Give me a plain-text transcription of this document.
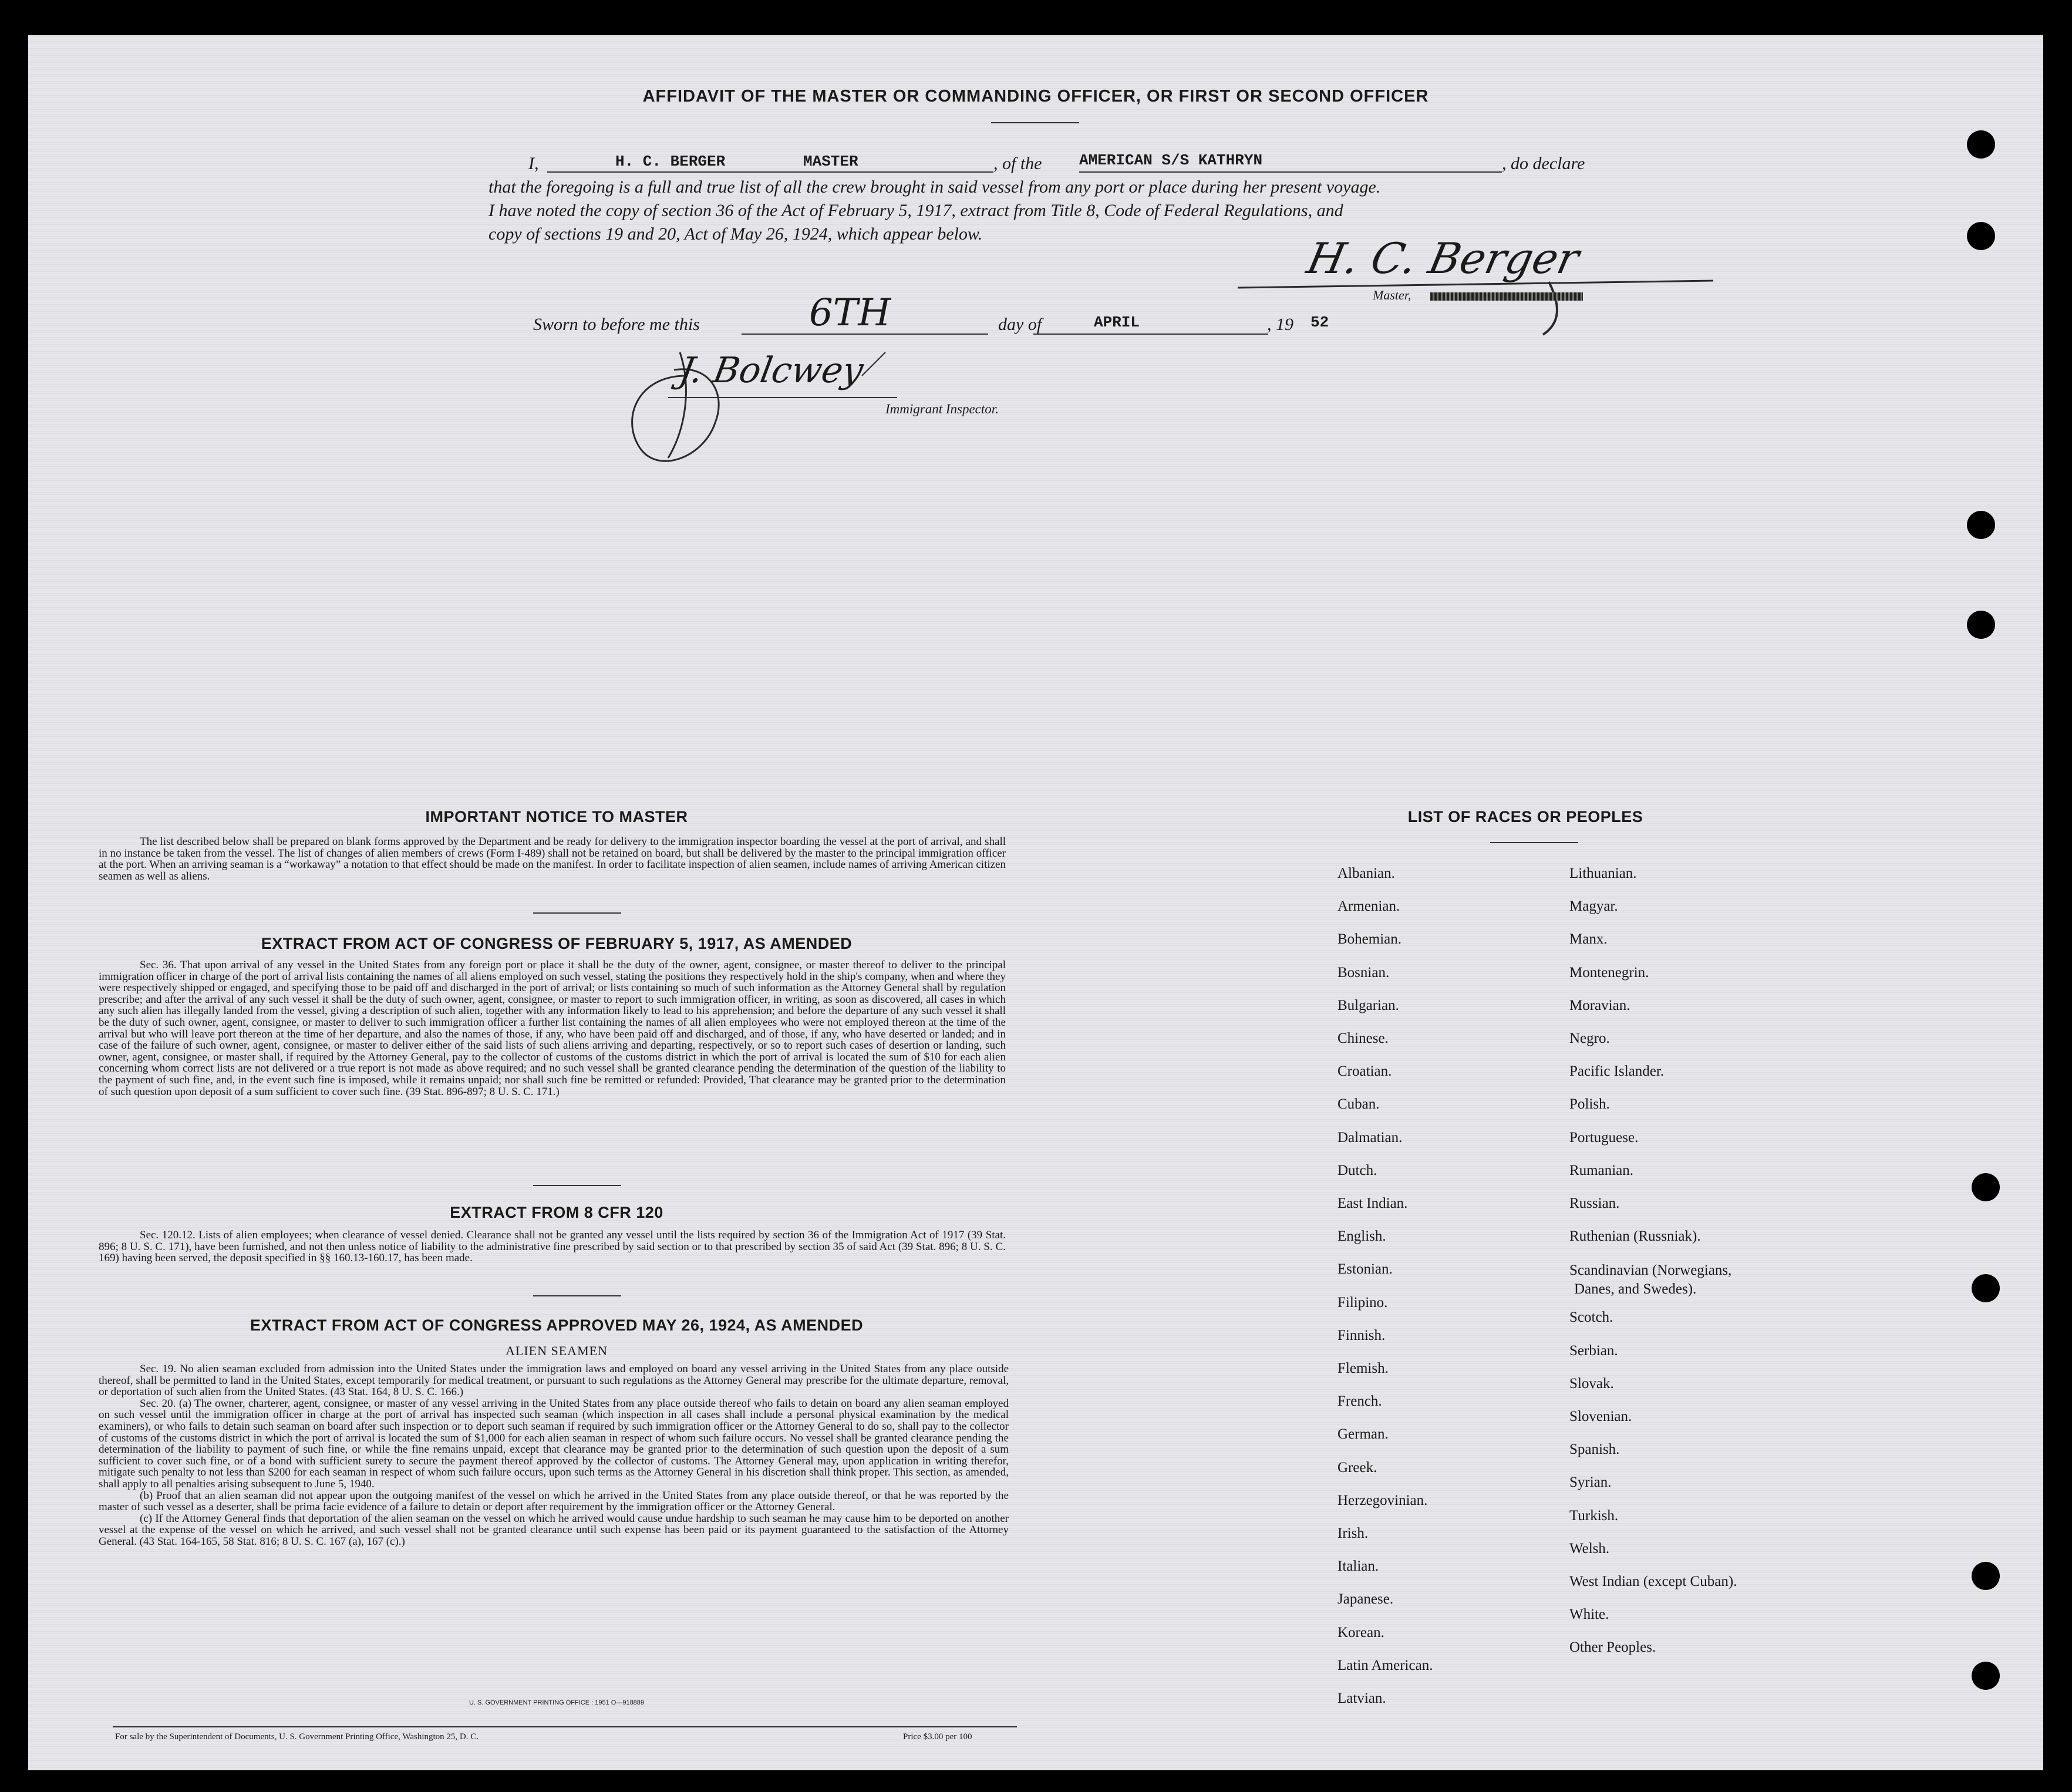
AFFIDAVIT OF THE MASTER OR COMMANDING OFFICER, OR FIRST OR SECOND OFFICER
I,	H. C. BERGER	MASTER	, of the AMERICAN S/S KATHRYN	, do declare
that the foregoing is a full and true list of all the crew brought in said vessel from any port or place during her present voyage.
I have noted the copy of section 36 of the Act of February 5, 1917, extract from Title 8, Code of Federal Regulations, and
copy of sections 19 and 20, Act of May 26, 1924, which appear below.	H. C. Berger
Master,
Sworn to before me this	6TH	day of	APRIL	, 19 52
J. Bolcwey
Immigrant Inspector.
IMPORTANT NOTICE TO MASTER
The list described below shall be prepared on blank forms approved by the Department and be ready for delivery to the immigration inspector boarding the vessel at the port of arrival, and shall in no instance be taken from the vessel. The list of changes of alien members of crews (Form I-489) shall not be retained on board, but shall be delivered by the master to the principal immigration officer at the port. When an arriving seaman is a “workaway” a notation to that effect should be made on the manifest. In order to facilitate inspection of alien seamen, include names of arriving American citizen seamen as well as aliens.
EXTRACT FROM ACT OF CONGRESS OF FEBRUARY 5, 1917, AS AMENDED
Sec. 36. That upon arrival of any vessel in the United States from any foreign port or place it shall be the duty of the owner, agent, consignee, or master thereof to deliver to the principal immigration officer in charge of the port of arrival lists containing the names of all aliens employed on such vessel, stating the positions they respectively hold in the ship's company, when and where they were respectively shipped or engaged, and specifying those to be paid off and discharged in the port of arrival; or lists containing so much of such information as the Attorney General shall by regulation prescribe; and after the arrival of any such vessel it shall be the duty of such owner, agent, consignee, or master to report to such immigration officer, in writing, as soon as discovered, all cases in which any such alien has illegally landed from the vessel, giving a description of such alien, together with any information likely to lead to his apprehension; and before the departure of any such vessel it shall be the duty of such owner, agent, consignee, or master to deliver to such immigration officer a further list containing the names of all alien employees who were not employed thereon at the time of the arrival but who will leave port thereon at the time of her departure, and also the names of those, if any, who have been paid off and discharged, and of those, if any, who have deserted or landed; and in case of the failure of such owner, agent, consignee, or master to deliver either of the said lists of such aliens arriving and departing, respectively, or so to report such cases of desertion or landing, such owner, agent, consignee, or master shall, if required by the Attorney General, pay to the collector of customs of the customs district in which the port of arrival is located the sum of $10 for each alien concerning whom correct lists are not delivered or a true report is not made as above required; and no such vessel shall be granted clearance pending the determination of the question of the liability to the payment of such fine, and, in the event such fine is imposed, while it remains unpaid; nor shall such fine be remitted or refunded: Provided, That clearance may be granted prior to the determination of such question upon deposit of a sum sufficient to cover such fine. (39 Stat. 896-897; 8 U. S. C. 171.)
EXTRACT FROM 8 CFR 120
Sec. 120.12. Lists of alien employees; when clearance of vessel denied. Clearance shall not be granted any vessel until the lists required by section 36 of the Immigration Act of 1917 (39 Stat. 896; 8 U. S. C. 171), have been furnished, and not then unless notice of liability to the administrative fine prescribed by said section or to that prescribed by section 35 of said Act (39 Stat. 896; 8 U. S. C. 169) having been served, the deposit specified in §§ 160.13-160.17, has been made.
EXTRACT FROM ACT OF CONGRESS APPROVED MAY 26, 1924, AS AMENDED
ALIEN SEAMEN

Sec. 19. No alien seaman excluded from admission into the United States under the immigration laws and employed on board any vessel arriving in the United States from any place outside thereof, shall be permitted to land in the United States, except temporarily for medical treatment, or pursuant to such regulations as the Attorney General may prescribe for the ultimate departure, removal, or deportation of such alien from the United States. (43 Stat. 164, 8 U. S. C. 166.)

Sec. 20. (a) The owner, charterer, agent, consignee, or master of any vessel arriving in the United States from any place outside thereof who fails to detain on board any alien seaman employed on such vessel until the immigration officer in charge at the port of arrival has inspected such seaman (which inspection in all cases shall include a personal physical examination by the medical examiners), or who fails to detain such seaman on board after such inspection or to deport such seaman if required by such immigration officer or the Attorney General to do so, shall pay to the collector of customs of the customs district in which the port of arrival is located the sum of $1,000 for each alien seaman in respect of whom such failure occurs. No vessel shall be granted clearance pending the determination of the liability to payment of such fine, or while the fine remains unpaid, except that clearance may be granted prior to the determination of such question upon the deposit of a sum sufficient to cover such fine, or of a bond with sufficient surety to secure the payment thereof approved by the collector of customs. The Attorney General may, upon application in writing therefor, mitigate such penalty to not less than $200 for each seaman in respect of whom such failure occurs, upon such terms as the Attorney General in his discretion shall think proper. This section, as amended, shall apply to all penalties arising subsequent to June 5, 1940.

(b) Proof that an alien seaman did not appear upon the outgoing manifest of the vessel on which he arrived in the United States from any place outside thereof, or that he was reported by the master of such vessel as a deserter, shall be prima facie evidence of a failure to detain or deport after requirement by the immigration officer or the Attorney General.

(c) If the Attorney General finds that deportation of the alien seaman on the vessel on which he arrived would cause undue hardship to such seaman he may cause him to be deported on another vessel at the expense of the vessel on which he arrived, and such vessel shall not be granted clearance until such expense has been paid or its payment guaranteed to the satisfaction of the Attorney General. (43 Stat. 164-165, 58 Stat. 816; 8 U. S. C. 167 (a), 167 (c).)

U. S. GOVERNMENT PRINTING OFFICE : 1951 O—918889
For sale by the Superintendent of Documents, U. S. Government Printing Office, Washington 25, D. C.	Price $3.00 per 100
LIST OF RACES OR PEOPLES
Albanian.
Armenian.
Bohemian.
Bosnian.
Bulgarian.
Chinese.
Croatian.
Cuban.
Dalmatian.
Dutch.
East Indian.
English.
Estonian.
Filipino.
Finnish.
Flemish.
French.
German.
Greek.
Herzegovinian.
Irish.
Italian.
Japanese.
Korean.
Latin American.
Latvian.
Lithuanian.
Magyar.
Manx.
Montenegrin.
Moravian.
Negro.
Pacific Islander.
Polish.
Portuguese.
Rumanian.
Russian.
Ruthenian (Russniak).
Scandinavian (Norwegians,
Danes, and Swedes).
Scotch.
Serbian.
Slovak.
Slovenian.
Spanish.
Syrian.
Turkish.
Welsh.
West Indian (except Cuban).
White.
Other Peoples.
